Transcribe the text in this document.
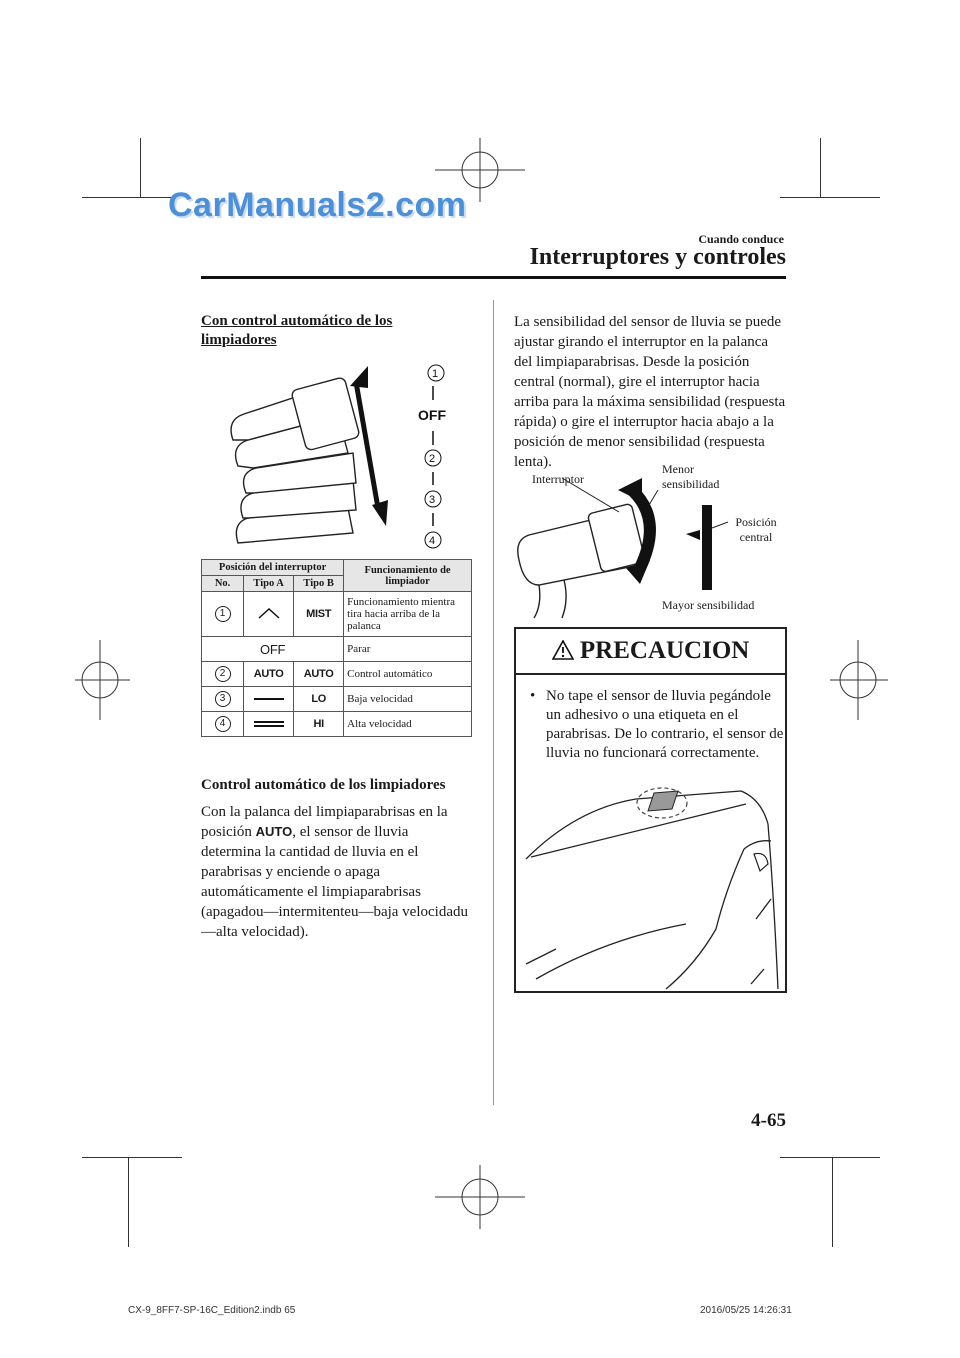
CarManuals2.com
Cuando conduce
Interruptores y controles
Con control automático de los limpiadores
1
OFF
2
3
4
Posición del interruptor			Funcionamiento de limpiador
No.	Tipo A	Tipo B	
1		MIST	Funcionamiento mientra tira hacia arriba de la palanca
OFF			Parar
2	AUTO	AUTO	Control automático
3		LO	Baja velocidad
4		HI	Alta velocidad
Control automático de los limpiadores
Con la palanca del limpiaparabrisas en la posición AUTO, el sensor de lluvia determina la cantidad de lluvia en el parabrisas y enciende o apaga automáticamente el limpiaparabrisas (apagadou—intermitenteu—baja velocidadu—alta velocidad).
La sensibilidad del sensor de lluvia se puede ajustar girando el interruptor en la palanca del limpiaparabrisas. Desde la posición central (normal), gire el interruptor hacia arriba para la máxima sensibilidad (respuesta rápida) o gire el interruptor hacia abajo a la posición de menor sensibilidad (respuesta lenta).
Interruptor
Menor sensibilidad
Posición central
Mayor sensibilidad
PRECAUCION
• No tape el sensor de lluvia pegándole un adhesivo o una etiqueta en el parabrisas. De lo contrario, el sensor de lluvia no funcionará correctamente.
4-65
CX-9_8FF7-SP-16C_Edition2.indb 65	2016/05/25 14:26:31
